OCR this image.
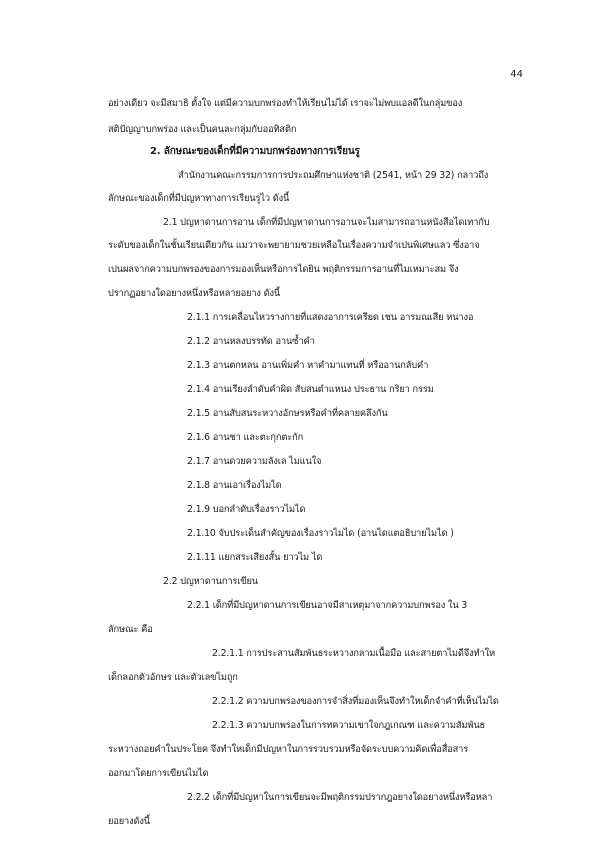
44
อย่างเดียว จะมีสมาธิ ตั้งใจ แต่มีความบกพร่องทำให้เรียนไม่ได้ เราจะไม่พบแอลดีในกลุ่มของ
สติปัญญาบกพร่อง และเป็นคนละกลุ่มกับออทิสติก
2. ลักษณะของเด็กที่มีความบกพร่องทางการเรียนรู
สำนักงานคณะกรรมการการประถมศึกษาแห่งชาติ (2541, หน้า 29 32) กลาวถึง
ลักษณะของเด็กที่มีปญหาทางการเรียนรูไว ดังนี้
2.1 ปญหาดานการอาน เด็กที่มีปญหาดานการอานจะไมสามารถอานหนังสือไดเทากับ
ระดับของเด็กในชั้นเรียนเดียวกัน แมวาจะพยายามชวยเหลือในเรื่องความจำเปนพิเศษแลว ซึ่งอาจ
เปนผลจากความบกพรองของการมองเห็นหรือการไดยิน พฤติกรรมการอานที่ไมเหมาะสม จึง
ปรากฏอยางใดอยางหนึ่งหรือหลายอยาง ดังนี้
2.1.1 การเคลื่อนไหวรางกายที่แสดงอาการเครียด เชน อารมณเสีย หนางอ
2.1.2 อานหลงบรรทัด อานซ้ำคำ
2.1.3 อานตกหลน อานเพิ่มคำ หาคำมาแทนที่ หรืออานกลับคำ
2.1.4 อานเรียงลำดับคำผิด สับสนตำแหนง ประธาน กริยา กรรม
2.1.5 อานสับสนระหวางอักษรหรือคำที่คลายคลึงกัน
2.1.6 อานชา และตะกุกตะกัก
2.1.7 อานดวยความลังเล ไมแนใจ
2.1.8 อานเอาเรื่องไมได
2.1.9 บอกลำดับเรื่องราวไมได
2.1.10 จับประเด็นสำคัญของเรื่องราวไมได (อานไดแตอธิบายไมได )
2.1.11 แยกสระเสียงสั้น ยาวไม ได
2.2 ปญหาดานการเขียน
2.2.1 เด็กที่มีปญหาดานการเขียนอาจมีสาเหตุมาจากความบกพรอง ใน 3
ลักษณะ คือ
2.2.1.1 การประสานสัมพันธระหวางกลามเนื้อมือ และสายตาไมดีจึงทำให
เด็กลอกตัวอักษร และตัวเลขไมถูก
2.2.1.2 ความบกพรองของการจำสิ่งที่มองเห็นจึงทำใหเด็กจำคำที่เห็นไมได
2.2.1.3 ความบกพรองในการทความเขาใจกฎเกณฑ และความสัมพันธ
ระหวางถอยคำในประโยค จึงทำใหเด็กมีปญหาในการรวบรวมหรือจัดระบบความคิดเพื่อสื่อสาร
ออกมาโดยการเขียนไมได
2.2.2 เด็กที่มีปญหาในการเขียนจะมีพฤติกรรมปรากฎอยางใดอยางหนึ่งหรือหลา
ยอยางดังนี้
